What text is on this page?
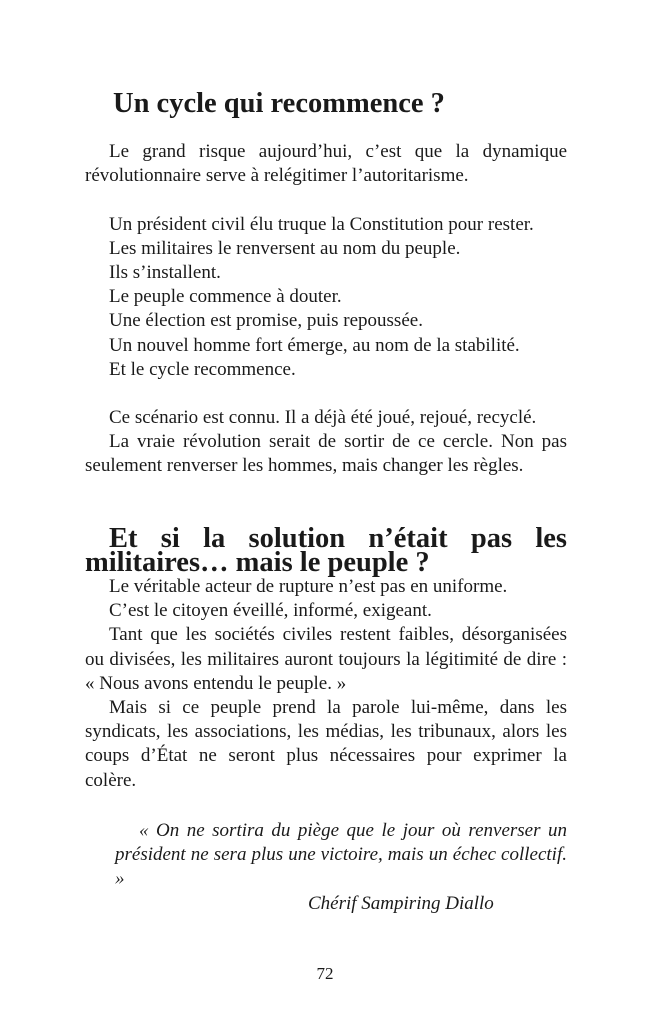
Un cycle qui recommence ?

Le grand risque aujourd’hui, c’est que la dynamique révolutionnaire serve à relégitimer l’autoritarisme.

Un président civil élu truque la Constitution pour rester.

Les militaires le renversent au nom du peuple.

Ils s’installent.

Le peuple commence à douter.

Une élection est promise, puis repoussée.

Un nouvel homme fort émerge, au nom de la stabilité.

Et le cycle recommence.

Ce scénario est connu. Il a déjà été joué, rejoué, recyclé.

La vraie révolution serait de sortir de ce cercle. Non pas seulement renverser les hommes, mais changer les règles.

Et si la solution n’était pas les militaires… mais le peuple ?

Le véritable acteur de rupture n’est pas en uniforme.

C’est le citoyen éveillé, informé, exigeant.

Tant que les sociétés civiles restent faibles, désorganisées ou divisées, les militaires auront toujours la légitimité de dire : « Nous avons entendu le peuple. »

Mais si ce peuple prend la parole lui-même, dans les syndicats, les associations, les médias, les tribunaux, alors les coups d’État ne seront plus nécessaires pour exprimer la colère.

« On ne sortira du piège que le jour où renverser un président ne sera plus une victoire, mais un échec collectif. »

Chérif Sampiring Diallo

72
